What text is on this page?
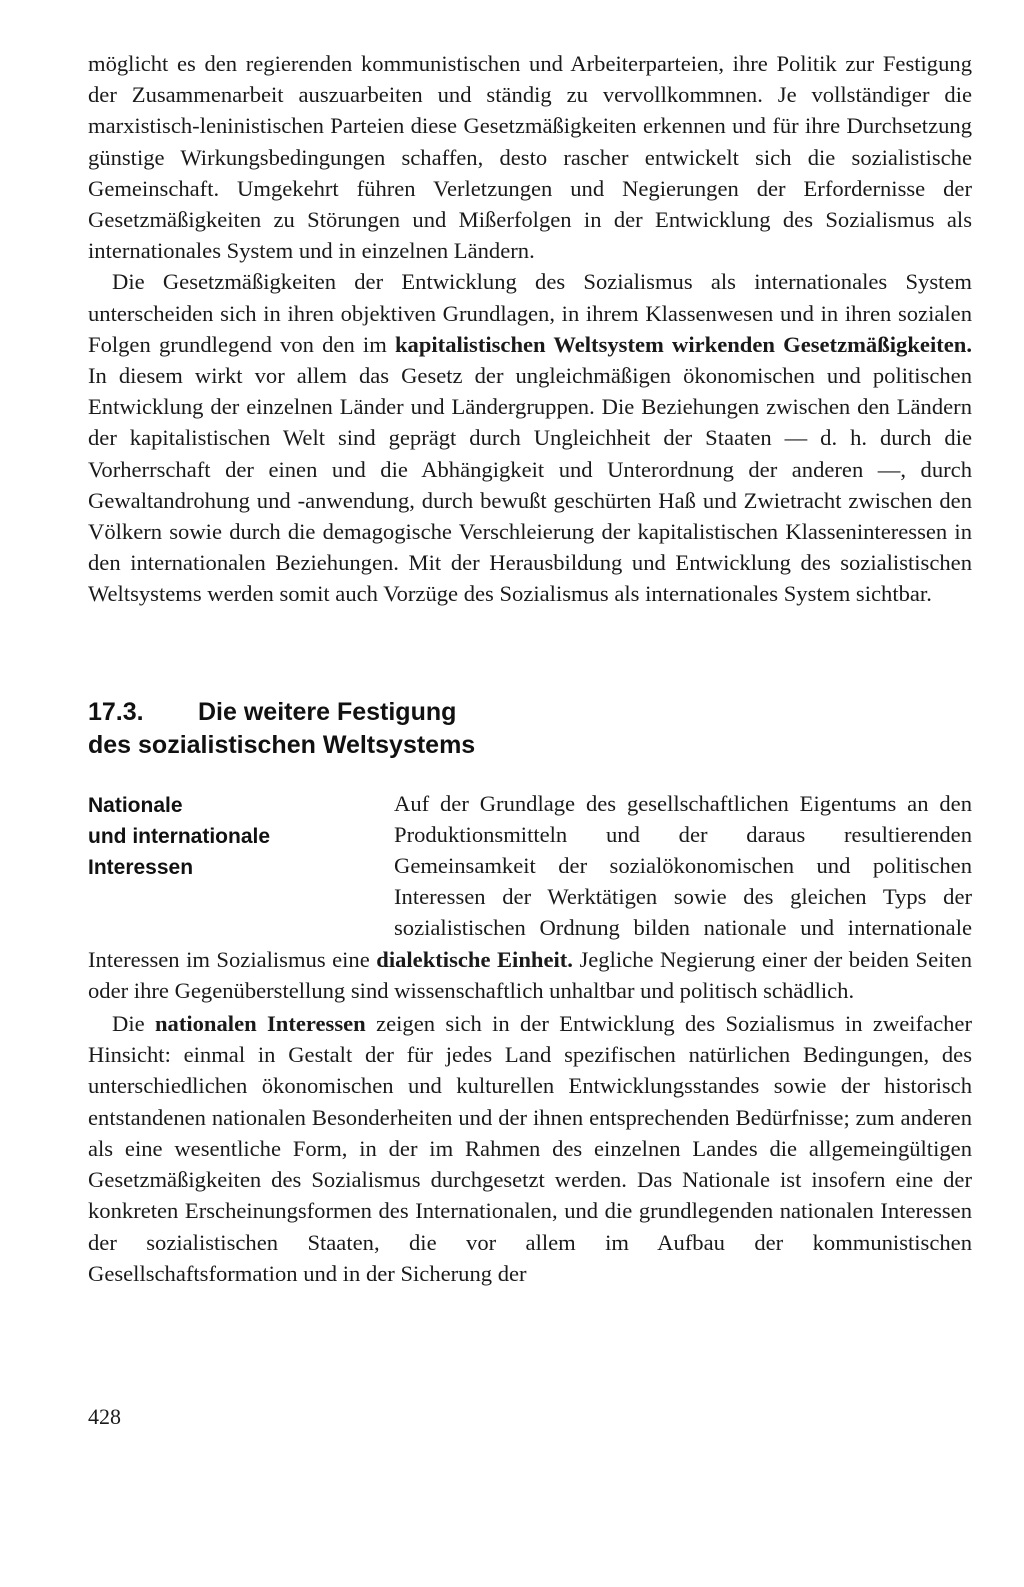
möglicht es den regierenden kommunistischen und Arbeiterparteien, ihre Politik zur Festigung der Zusammenarbeit auszuarbeiten und ständig zu vervollkommnen. Je vollständiger die marxistisch-leninistischen Parteien diese Gesetzmäßigkeiten erkennen und für ihre Durchsetzung günstige Wirkungsbedingungen schaffen, desto rascher entwickelt sich die sozialistische Gemeinschaft. Umgekehrt führen Verletzungen und Negierungen der Erfordernisse der Gesetzmäßigkeiten zu Störungen und Mißerfolgen in der Entwicklung des Sozialismus als internationales System und in einzelnen Ländern.

Die Gesetzmäßigkeiten der Entwicklung des Sozialismus als internationales System unterscheiden sich in ihren objektiven Grundlagen, in ihrem Klassenwesen und in ihren sozialen Folgen grundlegend von den im kapitalistischen Weltsystem wirkenden Gesetzmäßigkeiten. In diesem wirkt vor allem das Gesetz der ungleichmäßigen ökonomischen und politischen Entwicklung der einzelnen Länder und Ländergruppen. Die Beziehungen zwischen den Ländern der kapitalistischen Welt sind geprägt durch Ungleichheit der Staaten — d. h. durch die Vorherrschaft der einen und die Abhängigkeit und Unterordnung der anderen —, durch Gewaltandrohung und -anwendung, durch bewußt geschürten Haß und Zwietracht zwischen den Völkern sowie durch die demagogische Verschleierung der kapitalistischen Klasseninteressen in den internationalen Beziehungen. Mit der Herausbildung und Entwicklung des sozialistischen Weltsystems werden somit auch Vorzüge des Sozialismus als internationales System sichtbar.

17.3. Die weitere Festigung
des sozialistischen Weltsystems
Nationale
und internationale
Interessen

Auf der Grundlage des gesellschaftlichen Eigentums an den Produktionsmitteln und der daraus resultierenden Gemeinsamkeit der sozialökonomischen und politischen Interessen der Werktätigen sowie des gleichen Typs der sozialistischen Ordnung bilden nationale und internationale Interessen im Sozialismus eine dialektische Einheit. Jegliche Negierung einer der beiden Seiten oder ihre Gegenüberstellung sind wissenschaftlich unhaltbar und politisch schädlich.

Die nationalen Interessen zeigen sich in der Entwicklung des Sozialismus in zweifacher Hinsicht: einmal in Gestalt der für jedes Land spezifischen natürlichen Bedingungen, des unterschiedlichen ökonomischen und kulturellen Entwicklungsstandes sowie der historisch entstandenen nationalen Besonderheiten und der ihnen entsprechenden Bedürfnisse; zum anderen als eine wesentliche Form, in der im Rahmen des einzelnen Landes die allgemeingültigen Gesetzmäßigkeiten des Sozialismus durchgesetzt werden. Das Nationale ist insofern eine der konkreten Erscheinungsformen des Internationalen, und die grundlegenden nationalen Interessen der sozialistischen Staaten, die vor allem im Aufbau der kommunistischen Gesellschaftsformation und in der Sicherung der

428
